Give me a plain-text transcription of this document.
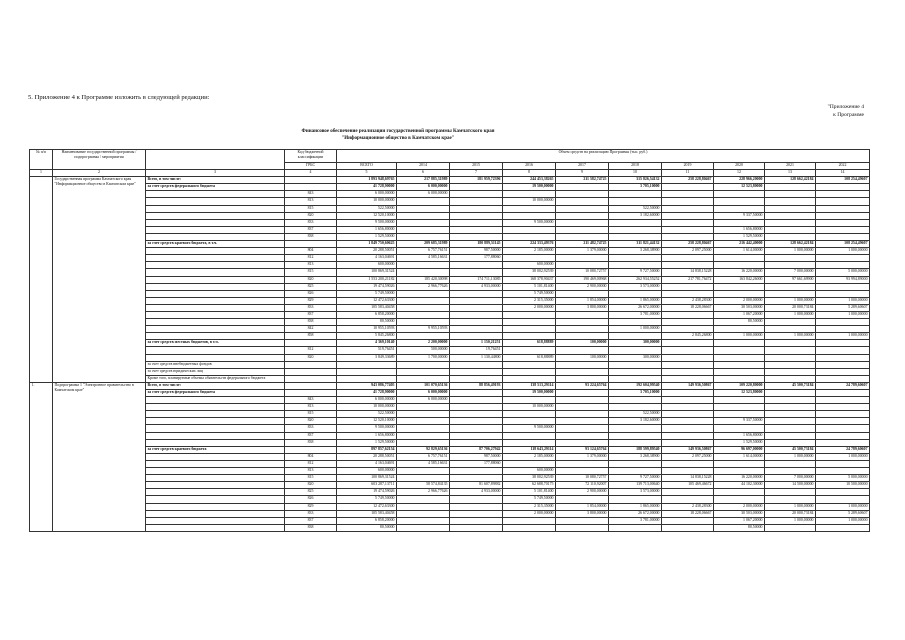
5. Приложение 4 к Программе изложить в следующей редакции:
"Приложение 4
к Программе
Финансовое обеспечение реализации государственной программы Камчатского края
"Информационное общество в Камчатском крае"
№ п/п	Наименование государственной программы / подпрограммы / мероприятия		Код бюджетной классификации	Объем средств на реализацию Программы (тыс. руб.)									
			ГРБС	ВСЕГО	2014	2015	2016	2017	2018	2019	2020	2021	2022
1	2	3	4	5	6	7	8	9	10	11	12	13	14
	Государственная программа Камчатского края "Информационное общество в Камчатском крае"	Всего, в том числе:		1 893 948,69765	217 885,31989	181 959,72396	244 453,38265	211 582,74725	315 826,54132	258 228,80467	228 966,20000	128 662,42184	108 254,49607
		за счет средств федерального бюджета		41 728,90000	6 000,00000		19 500,00000		3 705,10000		12 523,80000		
			843	6 000,00000	6 000,00000								
			813	10 000,00000			10 000,00000						
			815	522,50000					522,50000				
			820	12 520,10000					3 182,60000		9 337,50000		
			833	9 500,00000			9 500,00000						
			837	1 656,80000							1 656,80000		
			838	1 529,50000							1 529,50000		
		за счет средств краевого бюджета, в т.ч.		1 849 750,60625	209 685,31989	180 889,51145	224 333,49376	211 482,74725	311 821,44132	258 228,80467	216 442,40000	128 662,42184	108 254,49607
			804	20 288,50051	6 757,76151	987,50000	2 185,00000	1 379,00000	3 268,38900	2 097,25000	1 614,00000	1 000,00000	1 000,00000
			812	4 163,04691	4 585,16631	177,88060							
			813	600,00000			600,00000						
			815	100 869,31524			38 002,92539	10 080,72757	9 727,50000	14 838,15228	16 220,00000	7 000,00000	5 000,00000
			820	1 553 200,21182	185 420,30098	174 711,13085	168 378,90437	190 469,00968	262 934,55252	217 781,76472	163 842,26000	97 661,69900	93 994,89000
			825	19 474,59026	2 966,77626	4 933,00000	5 101,81400	2 900,00000	3 573,00000				
			826	5 749,50000			5 749,50000						
			829	12 472,63300			2 315,35000	1 854,00000	1 865,00000	2 438,28300	2 000,00000	1 000,00000	1 000,00000
			833	105 583,40458			2 000,00000	3 800,00000	26 672,00000	18 228,06667	30 503,00000	20 000,73184	5 289,60607
			837	6 858,20000					3 781,00000		1 067,20000	1 000,00000	1 000,00000
			838	80,50000							80,50000		
			842	10 955,10593	9 955,10593				1 000,00000				
			858	5 845,26800						2 845,26800	1 000,00000	1 000,00000	1 000,00000
		за счет средств местных бюджетов, в т.ч.		4 369,10140	2 200,00000	1 150,21251	618,88889	100,00000	300,00000				
			812	519,76451	500,00000	19,76451							
			820	3 849,33689	1 700,00000	1 130,44800	618,88889	100,00000	300,00000				
		за счет средств внебюджетных фондов											
		за счет средств юридических лиц											
		Кроме того, планируемые объемы обязательств федерального бюджета											
1.	Подпрограмма 1 "Электронное правительство в Камчатском крае"	Всего, в том числе:		943 086,77405	101 070,65136	88 856,49193	138 513,29114	93 224,65764	192 604,99540	149 936,50867	109 220,80000	45 500,73184	24 789,60607
		за счет средств федерального бюджета		41 728,90000	6 000,00000		19 500,00000		3 705,10000		12 523,80000		
			843	6 000,00000	6 000,00000								
			813	10 000,00000			10 000,00000						
			815	522,50000					522,50000				
			820	12 520,10000					3 182,60000		9 337,50000		
			833	9 500,00000			9 500,00000						
			837	1 656,80000							1 656,80000		
			838	1 529,50000							1 529,50000		
		за счет средств краевого бюджета		897 857,62154	92 829,65136	87 706,27942	118 643,29114	93 124,65764	188 599,89540	149 936,50867	96 697,00000	45 500,73184	24 789,60607
			804	20 288,50051	6 757,76151	987,50000	2 185,00000	1 379,00000	3 268,38900	2 097,25000	1 614,00000	1 000,00000	1 000,00000
			812	4 163,04691	4 585,16631	177,88060							
			813	600,00000			600,00000						
			815	100 869,31524			38 002,92539	10 080,72757	9 727,50000	14 838,15228	16 220,00000	7 000,00000	5 000,00000
			820	603 287,13711	58 574,84135	81 607,89882	62 688,70175	72 110,92007	139 713,00640	105 469,46672	44 102,30000	14 500,00000	10 500,00000
			825	19 474,59026	2 966,77626	4 933,00000	5 101,81400	2 900,00000	3 573,00000				
			826	5 749,50000			5 749,50000						
			829	12 472,63300			2 315,35000	1 854,00000	1 865,00000	2 438,28300	2 000,00000	1 000,00000	1 000,00000
			833	105 583,40458			2 000,00000	3 800,00000	26 672,00000	18 228,06667	30 503,00000	20 000,73184	5 289,60607
			837	6 858,20000					3 781,00000		1 067,20000	1 000,00000	1 000,00000
			838	80,50000							80,50000		
